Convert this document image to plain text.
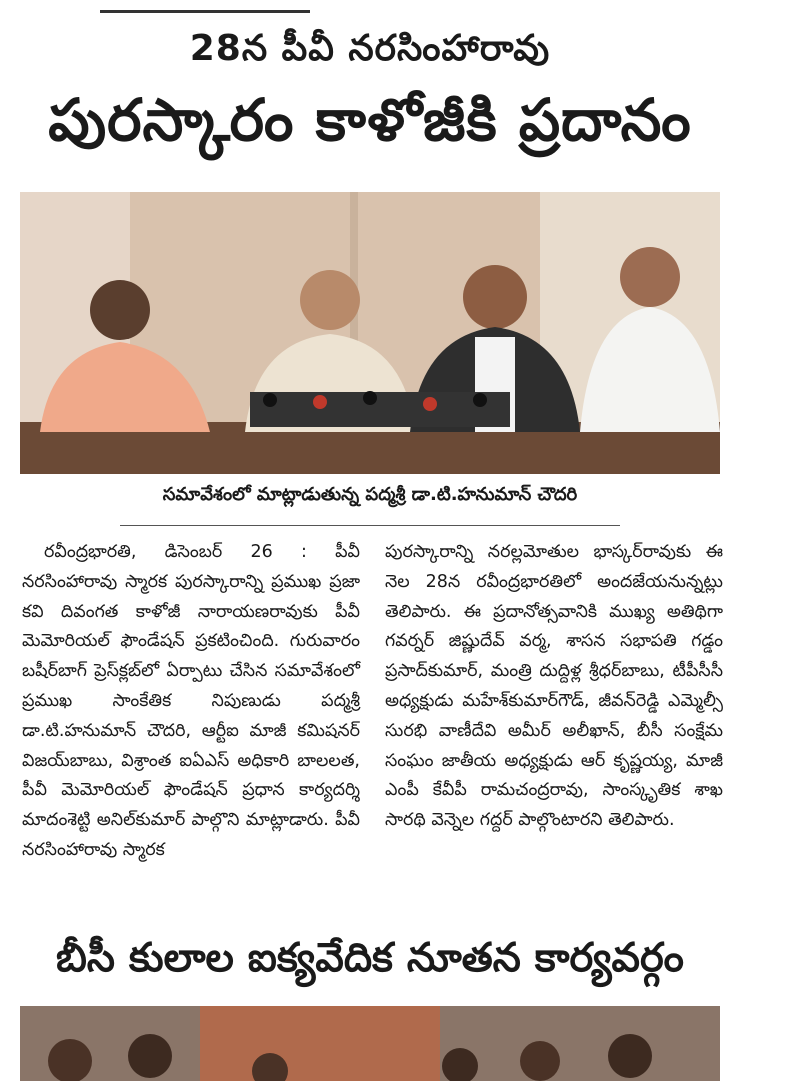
28న పీవీ నరసింహారావు
పురస్కారం కాళోజీకి ప్రదానం
సమావేశంలో మాట్లాడుతున్న పద్మశ్రీ డా.టి.హనుమాన్ చౌదరి

రవీంద్రభారతి, డిసెంబర్ 26 : పీవీ నరసింహారావు స్మారక పురస్కారాన్ని ప్రముఖ ప్రజా కవి దివంగత కాళోజీ నారాయణరావుకు పీవీ మెమోరియల్ ఫౌండేషన్ ప్రకటించింది. గురువారం బషీర్‌బాగ్ ప్రెస్‌క్లబ్‌లో ఏర్పాటు చేసిన సమావేశంలో ప్రముఖ సాంకేతిక నిపుణుడు పద్మశ్రీ డా.టి.హనుమాన్ చౌదరి, ఆర్టీఐ మాజీ కమిషనర్ విజయ్‌బాబు, విశ్రాంత ఐఏఎస్ అధికారి బాలలత, పీవీ మెమోరియల్ ఫౌండేషన్ ప్రధాన కార్యదర్శి మాదంశెట్టి అనిల్‌కుమార్ పాల్గొని మాట్లాడారు. పీవీ నరసింహారావు స్మారక

పురస్కారాన్ని నరల్లమోతుల భాస్కర్‌రావుకు ఈ నెల 28న రవీంద్రభారతిలో అందజేయనున్నట్లు తెలిపారు. ఈ ప్రదానోత్సవానికి ముఖ్య అతిథిగా గవర్నర్ జిష్ణుదేవ్ వర్మ, శాసన సభాపతి గడ్డం ప్రసాద్‌కుమార్, మంత్రి దుద్దిళ్ల శ్రీధర్‌బాబు, టీపీసీసీ అధ్యక్షుడు మహేశ్‌కుమార్‌గౌడ్, జీవన్‌రెడ్డి ఎమ్మెల్సీ సురభి వాణీదేవి అమీర్ అలీఖాన్, బీసీ సంక్షేమ సంఘం జాతీయ అధ్యక్షుడు ఆర్ కృష్ణయ్య, మాజీ ఎంపీ కేవీపీ రామచంద్రరావు, సాంస్కృతిక శాఖ సారథి వెన్నెల గద్దర్ పాల్గొంటారని తెలిపారు.

బీసీ కులాల ఐక్యవేదిక నూతన కార్యవర్గం
